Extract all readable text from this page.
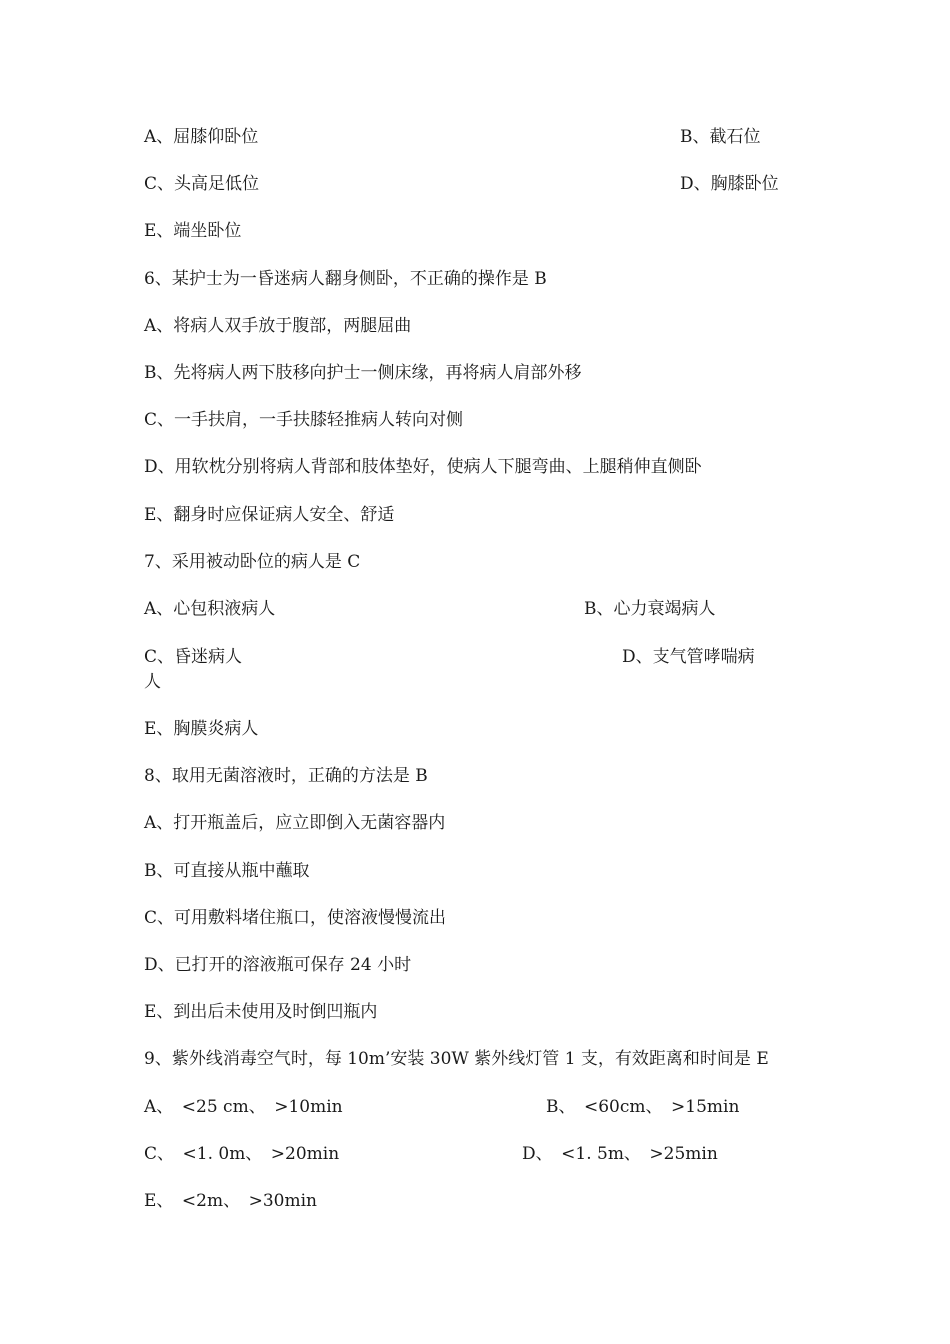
A、屈膝仰卧位	B、截石位
C、头高足低位	D、胸膝卧位
E、端坐卧位
6、某护士为一昏迷病人翻身侧卧，不正确的操作是 B
A、将病人双手放于腹部，两腿屈曲
B、先将病人两下肢移向护士一侧床缘，再将病人肩部外移
C、一手扶肩，一手扶膝轻推病人转向对侧
D、用软枕分别将病人背部和肢体垫好，使病人下腿弯曲、上腿稍伸直侧卧
E、翻身时应保证病人安全、舒适
7、采用被动卧位的病人是 C
A、心包积液病人	B、心力衰竭病人
C、昏迷病人	D、支气管哮喘病
人
E、胸膜炎病人
8、取用无菌溶液时，正确的方法是 B
A、打开瓶盖后，应立即倒入无菌容器内
B、可直接从瓶中蘸取
C、可用敷料堵住瓶口，使溶液慢慢流出
D、已打开的溶液瓶可保存 24 小时
E、到出后未使用及时倒凹瓶内
9、紫外线消毒空气时，每 10m’安装 30W 紫外线灯管 1 支，有效距离和时间是 E
A、　<25 cm、　>10min	B、　<60cm、　>15min
C、　<1. 0m、　>20min	D、　<1. 5m、　>25min
E、　<2m、　>30min
